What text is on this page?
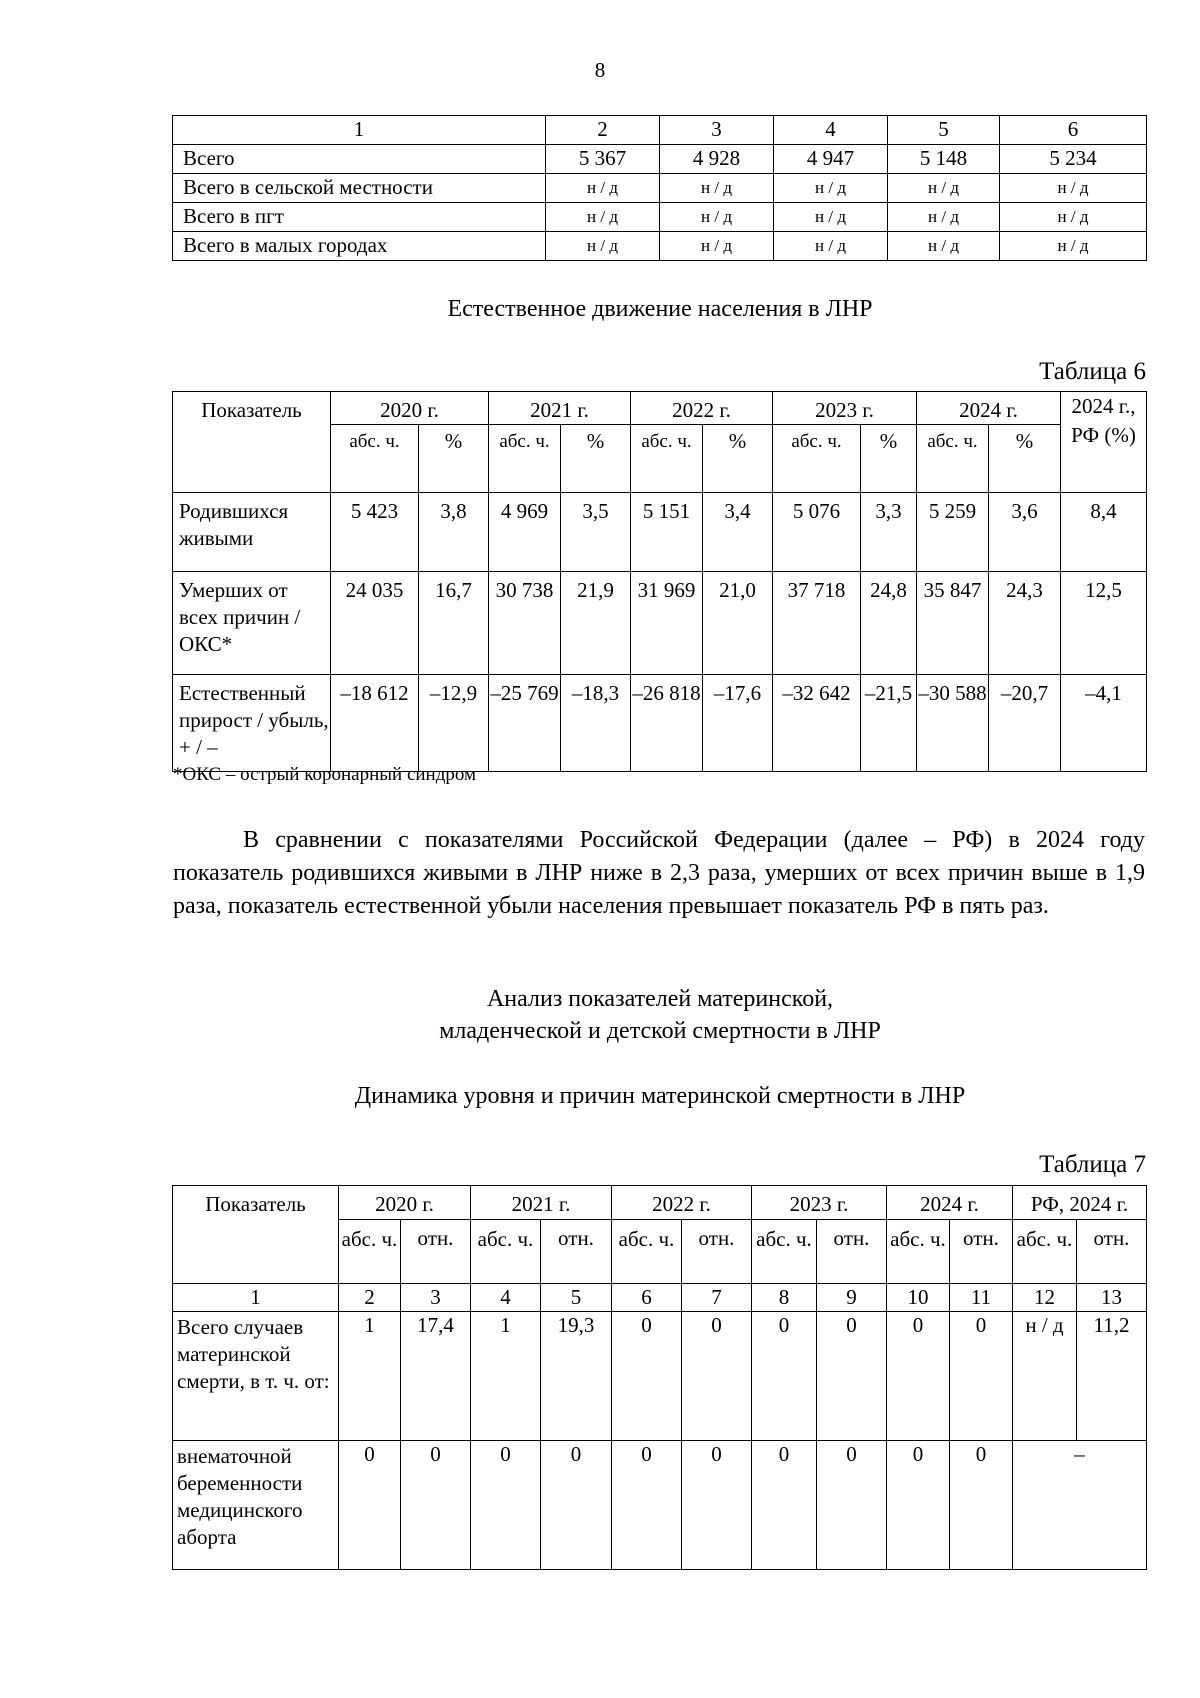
8
1	2	3	4	5	6
Всего	5 367	4 928	4 947	5 148	5 234
Всего в сельской местности	н / д	н / д	н / д	н / д	н / д
Всего в пгт	н / д	н / д	н / д	н / д	н / д
Всего в малых городах	н / д	н / д	н / д	н / д	н / д
Естественное движение населения в ЛНР
Таблица 6
Показатель	2020 г.		2021 г.		2022 г.		2023 г.		2024 г.		2024 г., РФ (%)
	абс. ч.	%	абс. ч.	%	абс. ч.	%	абс. ч.	%	абс. ч.	%	
Родившихся живыми	5 423	3,8	4 969	3,5	5 151	3,4	5 076	3,3	5 259	3,6	8,4
Умерших от всех причин / ОКС*	24 035	16,7	30 738	21,9	31 969	21,0	37 718	24,8	35 847	24,3	12,5
Естественный прирост / убыль, + / –	–18 612	–12,9	–25 769	–18,3	–26 818	–17,6	–32 642	–21,5	–30 588	–20,7	–4,1
*ОКС – острый коронарный синдром
В сравнении с показателями Российской Федерации (далее – РФ) в 2024 году показатель родившихся живыми в ЛНР ниже в 2,3 раза, умерших от всех причин выше в 1,9 раза, показатель естественной убыли населения превышает показатель РФ в пять раз.
Анализ показателей материнской,
младенческой и детской смертности в ЛНР
Динамика уровня и причин материнской смертности в ЛНР
Таблица 7
Показатель	2020 г.		2021 г.		2022 г.		2023 г.		2024 г.		РФ, 2024 г.	
	абс. ч.	отн.	абс. ч.	отн.	абс. ч.	отн.	абс. ч.	отн.	абс. ч.	отн.	абс. ч.	отн.
1	2	3	4	5	6	7	8	9	10	11	12	13
Всего случаев материнской смерти, в т. ч. от:	1	17,4	1	19,3	0	0	0	0	0	0	н / д	11,2
внематочной беременности медицинского аборта	0	0	0	0	0	0	0	0	0	0	–	
